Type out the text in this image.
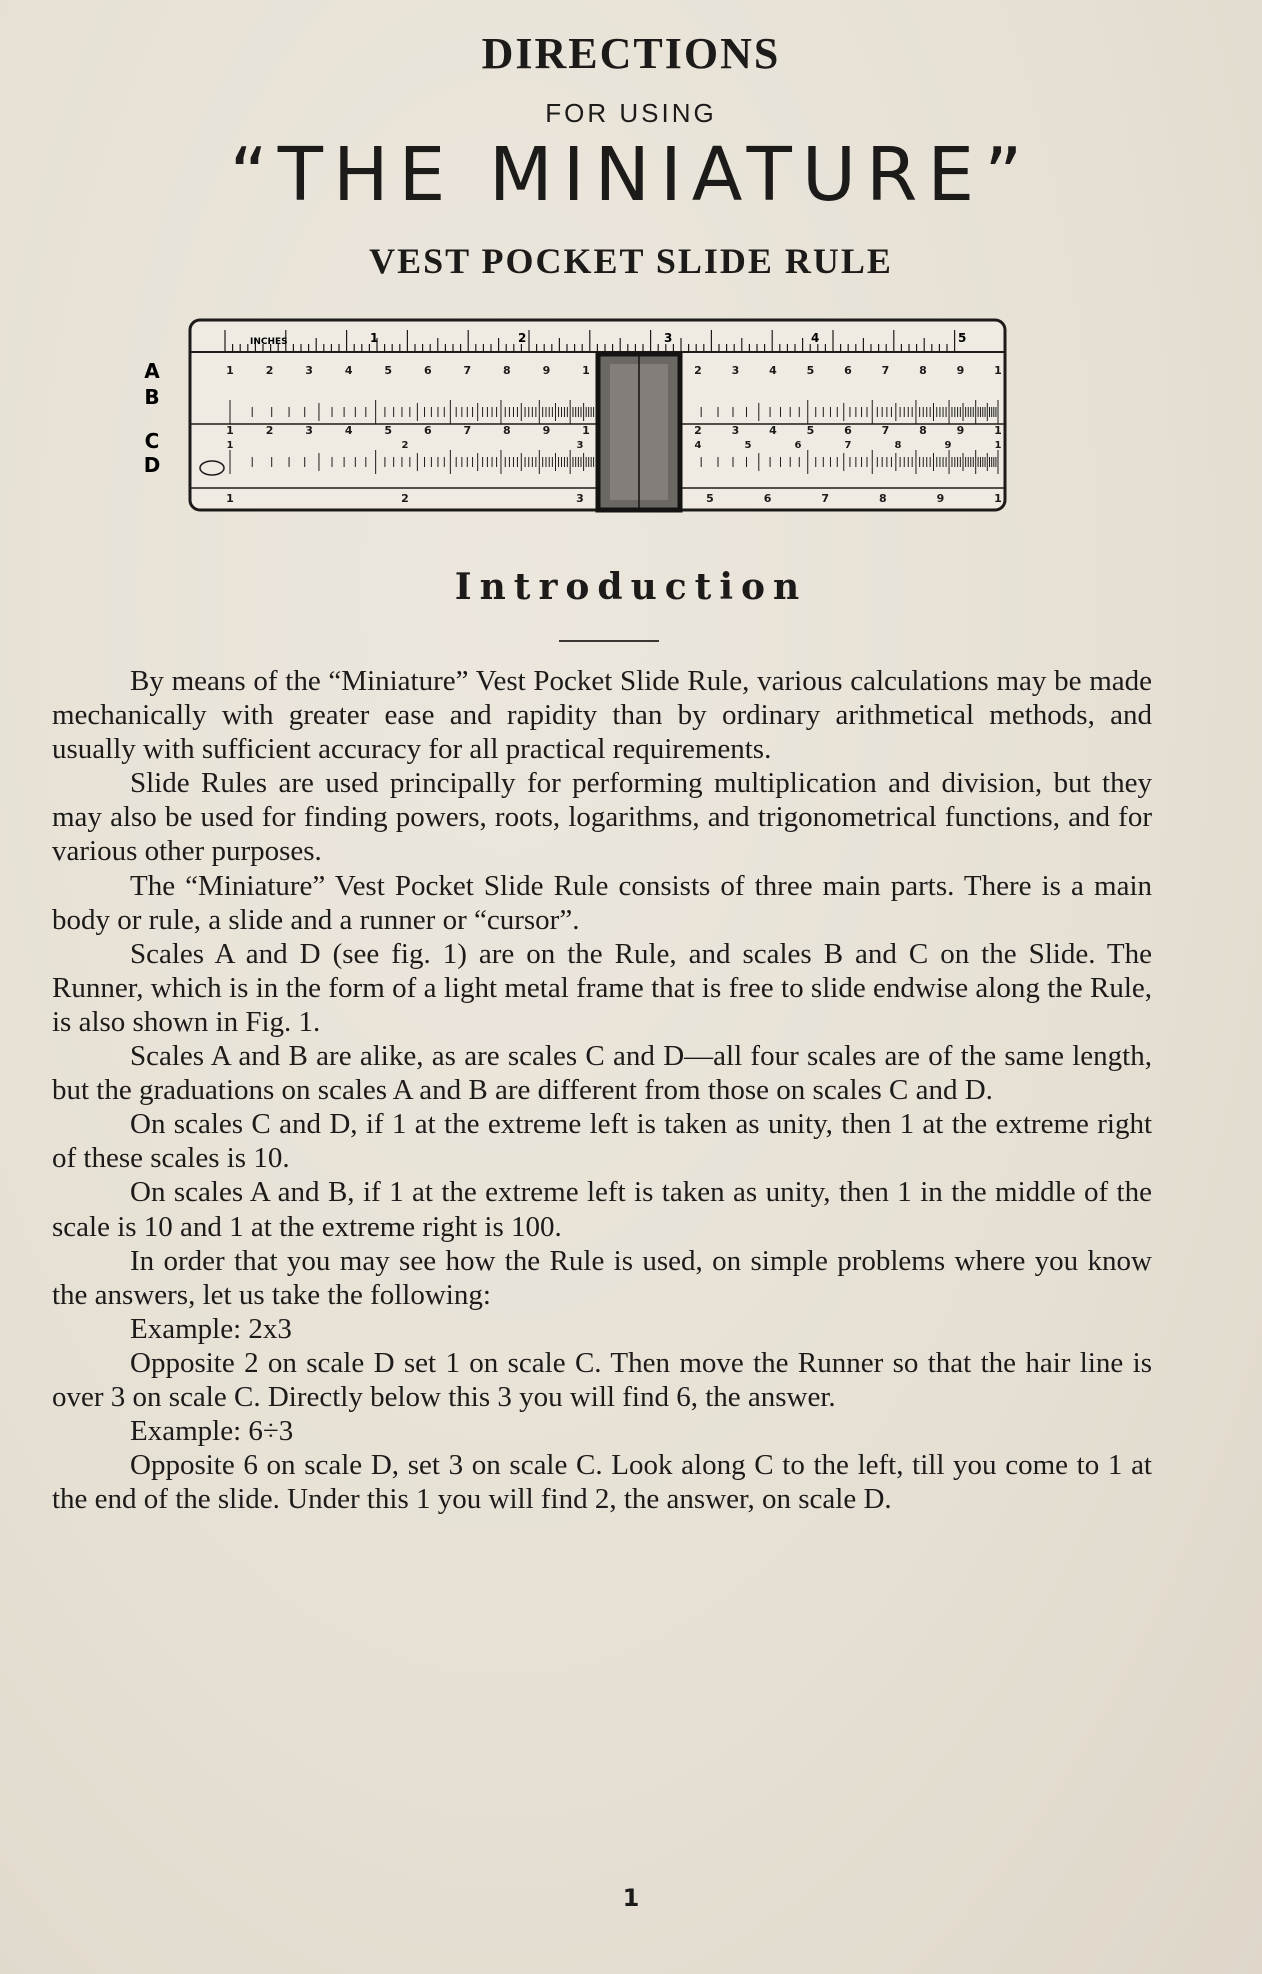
DIRECTIONS
FOR USING
“THE MINIATURE”
VEST POCKET SLIDE RULE
A
B
C
D
INCHES	1	2	3	4	5
1	2	3	4	5	6	7	8	9	1	2	3	4	5	6	7	8	9	1
1	2	3	4	5	6	7	8	9	1	2	3	4	5	6	7	8	9	1
1	2	3	4	5	6	7	8	9	1
1	2	3	5	6	7	8	9	1
Introduction

By means of the “Miniature” Vest Pocket Slide Rule, various calculations may be made mechanically with greater ease and rapidity than by ordinary arithmetical methods, and usually with sufficient accuracy for all practical requirements.

Slide Rules are used principally for performing multiplication and division, but they may also be used for finding powers, roots, logarithms, and trigonometrical functions, and for various other purposes.

The “Miniature” Vest Pocket Slide Rule consists of three main parts. There is a main body or rule, a slide and a runner or “cursor”.

Scales A and D (see fig. 1) are on the Rule, and scales B and C on the Slide. The Runner, which is in the form of a light metal frame that is free to slide endwise along the Rule, is also shown in Fig. 1.

Scales A and B are alike, as are scales C and D—all four scales are of the same length, but the graduations on scales A and B are different from those on scales C and D.

On scales C and D, if 1 at the extreme left is taken as unity, then 1 at the extreme right of these scales is 10.

On scales A and B, if 1 at the extreme left is taken as unity, then 1 in the middle of the scale is 10 and 1 at the extreme right is 100.

In order that you may see how the Rule is used, on simple problems where you know the answers, let us take the following:

Example: 2x3

Opposite 2 on scale D set 1 on scale C. Then move the Runner so that the hair line is over 3 on scale C. Directly below this 3 you will find 6, the answer.

Example: 6÷3

Opposite 6 on scale D, set 3 on scale C. Look along C to the left, till you come to 1 at the end of the slide. Under this 1 you will find 2, the answer, on scale D.

1
